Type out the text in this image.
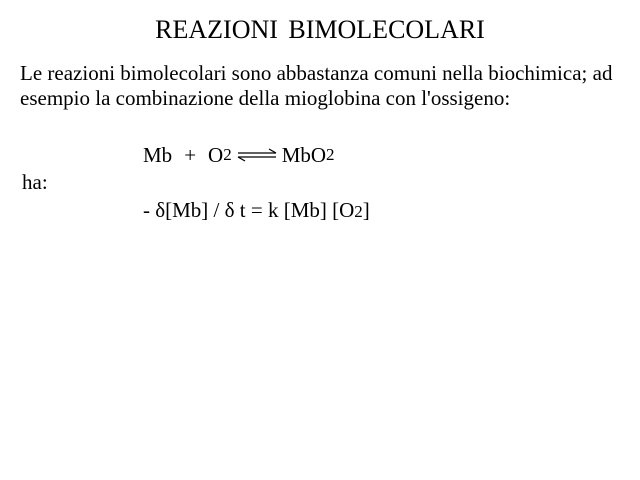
REAZIONI BIMOLECOLARI
Le reazioni bimolecolari sono abbastanza comuni nella biochimica; ad esempio la combinazione della mioglobina con l'ossigeno:
Mb + O 2 ⇌ MbO 2
ha:
- δ[Mb] / δ t = k [Mb] [O2]
